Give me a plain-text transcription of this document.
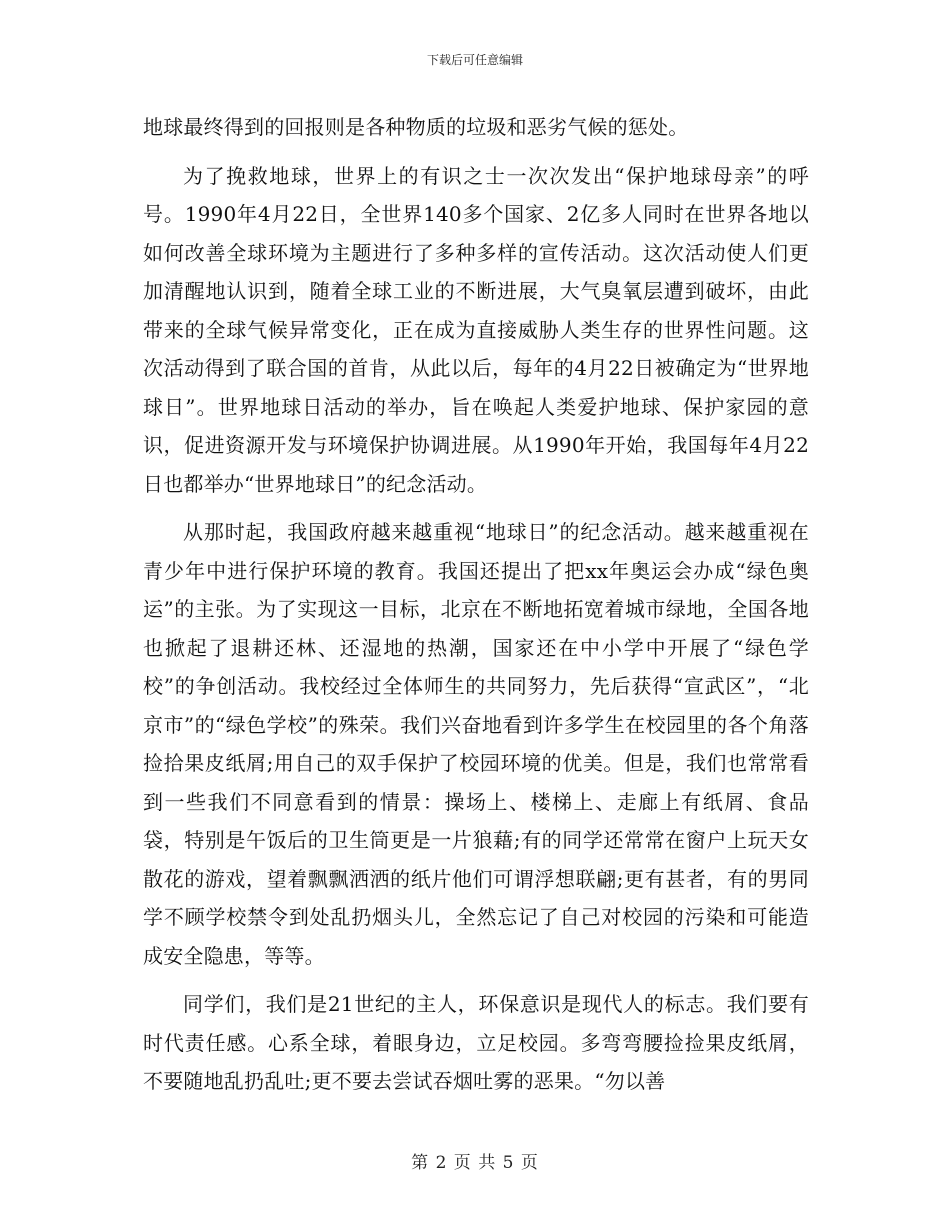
下载后可任意编辑

地球最终得到的回报则是各种物质的垃圾和恶劣气候的惩处。

为了挽救地球，世界上的有识之士一次次发出“保护地球母亲”的呼号。1990年4月22日，全世界140多个国家、2亿多人同时在世界各地以如何改善全球环境为主题进行了多种多样的宣传活动。这次活动使人们更加清醒地认识到，随着全球工业的不断进展，大气臭氧层遭到破坏，由此带来的全球气候异常变化，正在成为直接威胁人类生存的世界性问题。这次活动得到了联合国的首肯，从此以后，每年的4月22日被确定为“世界地球日”。世界地球日活动的举办，旨在唤起人类爱护地球、保护家园的意识，促进资源开发与环境保护协调进展。从1990年开始，我国每年4月22日也都举办“世界地球日”的纪念活动。

从那时起，我国政府越来越重视“地球日”的纪念活动。越来越重视在青少年中进行保护环境的教育。我国还提出了把xx年奥运会办成“绿色奥运”的主张。为了实现这一目标，北京在不断地拓宽着城市绿地，全国各地也掀起了退耕还林、还湿地的热潮，国家还在中小学中开展了“绿色学校”的争创活动。我校经过全体师生的共同努力，先后获得“宣武区”，“北京市”的“绿色学校”的殊荣。我们兴奋地看到许多学生在校园里的各个角落捡拾果皮纸屑;用自己的双手保护了校园环境的优美。但是，我们也常常看到一些我们不同意看到的情景：操场上、楼梯上、走廊上有纸屑、食品袋，特别是午饭后的卫生筒更是一片狼藉;有的同学还常常在窗户上玩天女散花的游戏，望着飘飘洒洒的纸片他们可谓浮想联翩;更有甚者，有的男同学不顾学校禁令到处乱扔烟头儿，全然忘记了自己对校园的污染和可能造成安全隐患，等等。

同学们，我们是21世纪的主人，环保意识是现代人的标志。我们要有时代责任感。心系全球，着眼身边，立足校园。多弯弯腰捡捡果皮纸屑，不要随地乱扔乱吐;更不要去尝试吞烟吐雾的恶果。“勿以善

第 2 页 共 5 页
